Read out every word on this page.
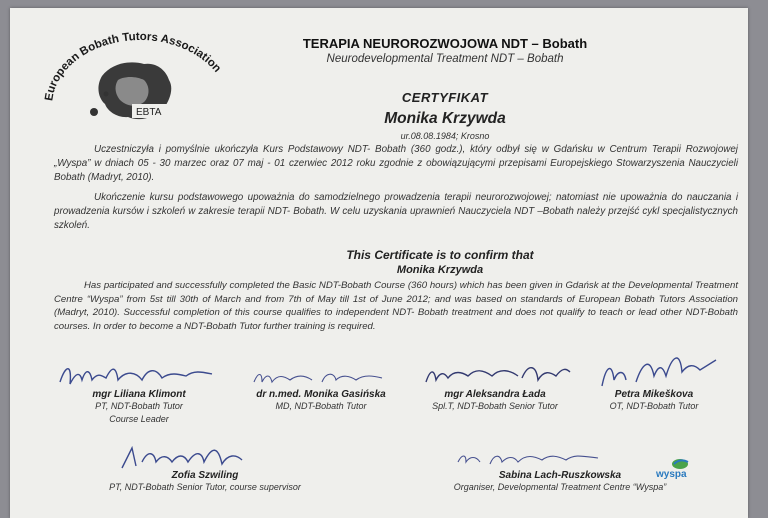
European Bobath Tutors Association
EBTA
TERAPIA NEUROROZWOJOWA NDT – Bobath
Neurodevelopmental Treatment NDT – Bobath
CERTYFIKAT
Monika Krzywda
ur.08.08.1984; Krosno
Uczestniczyła i pomyślnie ukończyła Kurs Podstawowy NDT- Bobath (360 godz.), który odbył się w Gdańsku w Centrum Terapii Rozwojowej „Wyspa” w dniach 05 - 30 marzec oraz 07 maj - 01 czerwiec 2012 roku zgodnie z obowiązującymi przepisami Europejskiego Stowarzyszenia Nauczycieli Bobath (Madryt, 2010).
Ukończenie kursu podstawowego upoważnia do samodzielnego prowadzenia terapii neurorozwojowej; natomiast nie upoważnia do nauczania i prowadzenia kursów i szkoleń w zakresie terapii NDT- Bobath. W celu uzyskania uprawnień Nauczyciela NDT –Bobath należy przejść cykl specjalistycznych szkoleń.
This Certificate is to confirm that
Monika Krzywda
Has participated and successfully completed the Basic NDT-Bobath Course (360 hours) which has been given in Gdańsk at the Developmental Treatment Centre “Wyspa” from 5st till 30th of March and from 7th of May till 1st of June 2012; and was based on standards of European Bobath Tutors Association (Madryt, 2010). Successful completion of this course qualifies to independent NDT- Bobath treatment and does not qualify to teach or lead other NDT-Bobath courses. In order to become a NDT-Bobath Tutor further training is required.
mgr Liliana Klimont
PT, NDT-Bobath Tutor
Course Leader
dr n.med. Monika Gasińska
MD, NDT-Bobath Tutor
mgr Aleksandra Łada
Spl.T, NDT-Bobath Senior Tutor
Petra Mikeškova
OT, NDT-Bobath Tutor
Zofia Szwiling
PT, NDT-Bobath Senior Tutor, course supervisor
Sabina Lach-Ruszkowska
Organiser, Developmental Treatment Centre “Wyspa”
wyspa
